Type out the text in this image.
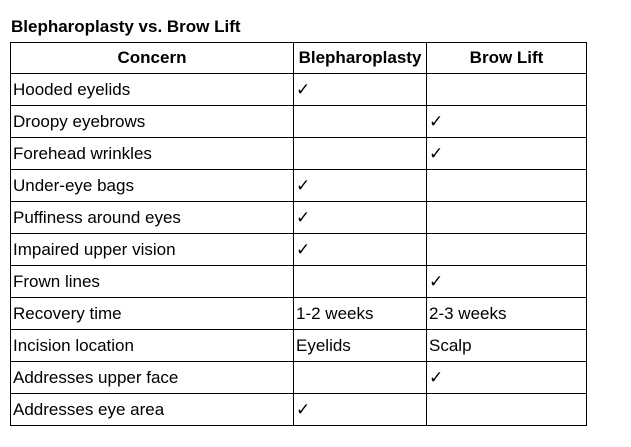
Blepharoplasty vs. Brow Lift
Concern	Blepharoplasty	Brow Lift
Hooded eyelids	✓	
Droopy eyebrows		✓
Forehead wrinkles		✓
Under-eye bags	✓	
Puffiness around eyes	✓	
Impaired upper vision	✓	
Frown lines		✓
Recovery time	1-2 weeks	2-3 weeks
Incision location	Eyelids	Scalp
Addresses upper face		✓
Addresses eye area	✓	
